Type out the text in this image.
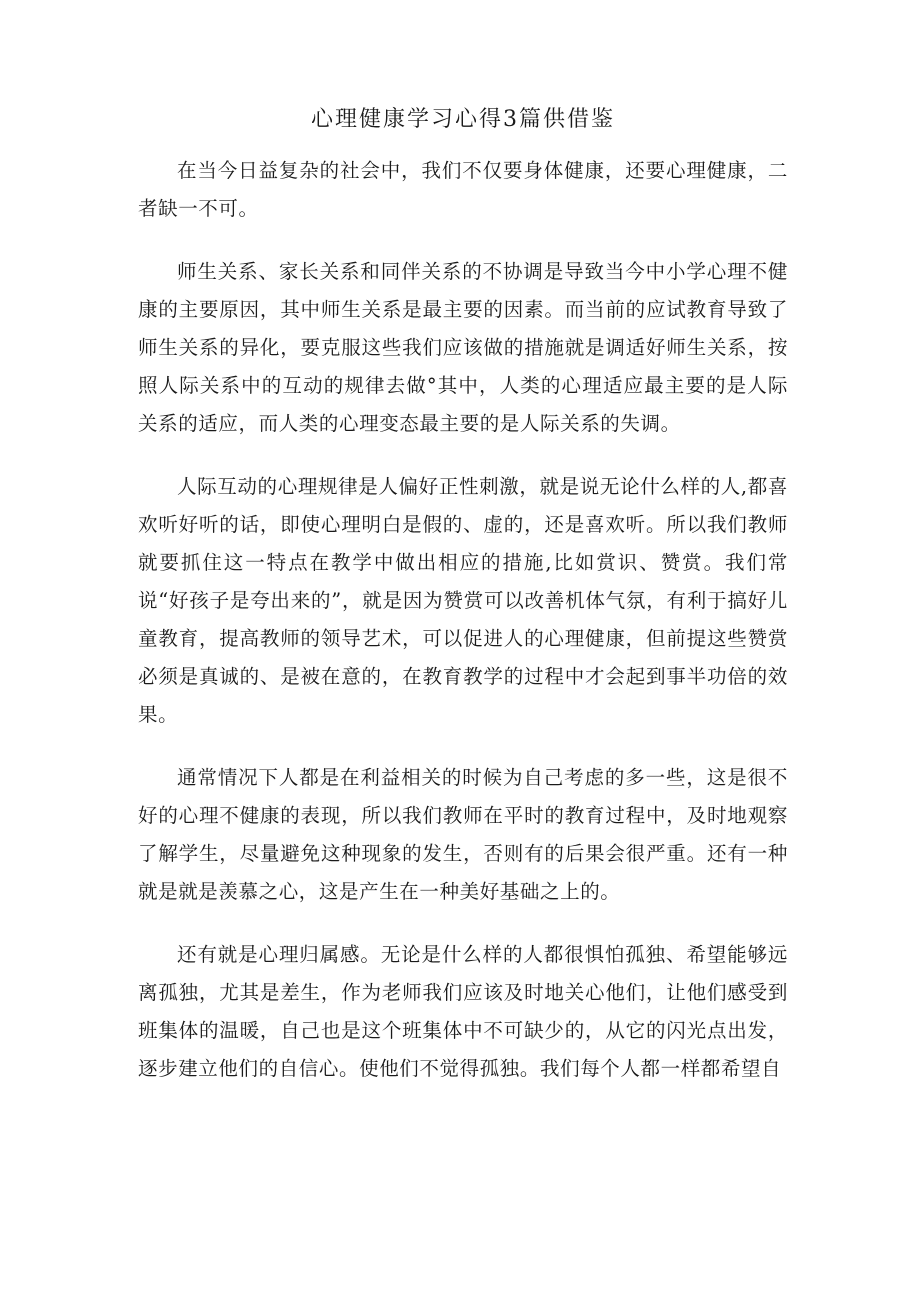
心理健康学习心得3篇供借鉴

在当今日益复杂的社会中，我们不仅要身体健康，还要心理健康，二者缺一不可。

师生关系、家长关系和同伴关系的不协调是导致当今中小学心理不健康的主要原因，其中师生关系是最主要的因素。而当前的应试教育导致了师生关系的异化，要克服这些我们应该做的措施就是调适好师生关系，按照人际关系中的互动的规律去做°其中，人类的心理适应最主要的是人际关系的适应，而人类的心理变态最主要的是人际关系的失调。

人际互动的心理规律是人偏好正性刺激，就是说无论什么样的人,都喜欢听好听的话，即使心理明白是假的、虚的，还是喜欢听。所以我们教师就要抓住这一特点在教学中做出相应的措施,比如赏识、赞赏。我们常说“好孩子是夸出来的”，就是因为赞赏可以改善机体气氛，有利于搞好儿童教育，提高教师的领导艺术，可以促进人的心理健康，但前提这些赞赏必须是真诚的、是被在意的，在教育教学的过程中才会起到事半功倍的效果。

通常情况下人都是在利益相关的时候为自己考虑的多一些，这是很不好的心理不健康的表现，所以我们教师在平时的教育过程中，及时地观察了解学生，尽量避免这种现象的发生，否则有的后果会很严重。还有一种就是就是羡慕之心，这是产生在一种美好基础之上的。

还有就是心理归属感。无论是什么样的人都很惧怕孤独、希望能够远离孤独，尤其是差生，作为老师我们应该及时地关心他们，让他们感受到班集体的温暖，自己也是这个班集体中不可缺少的，从它的闪光点出发，逐步建立他们的自信心。使他们不觉得孤独。我们每个人都一样都希望自
